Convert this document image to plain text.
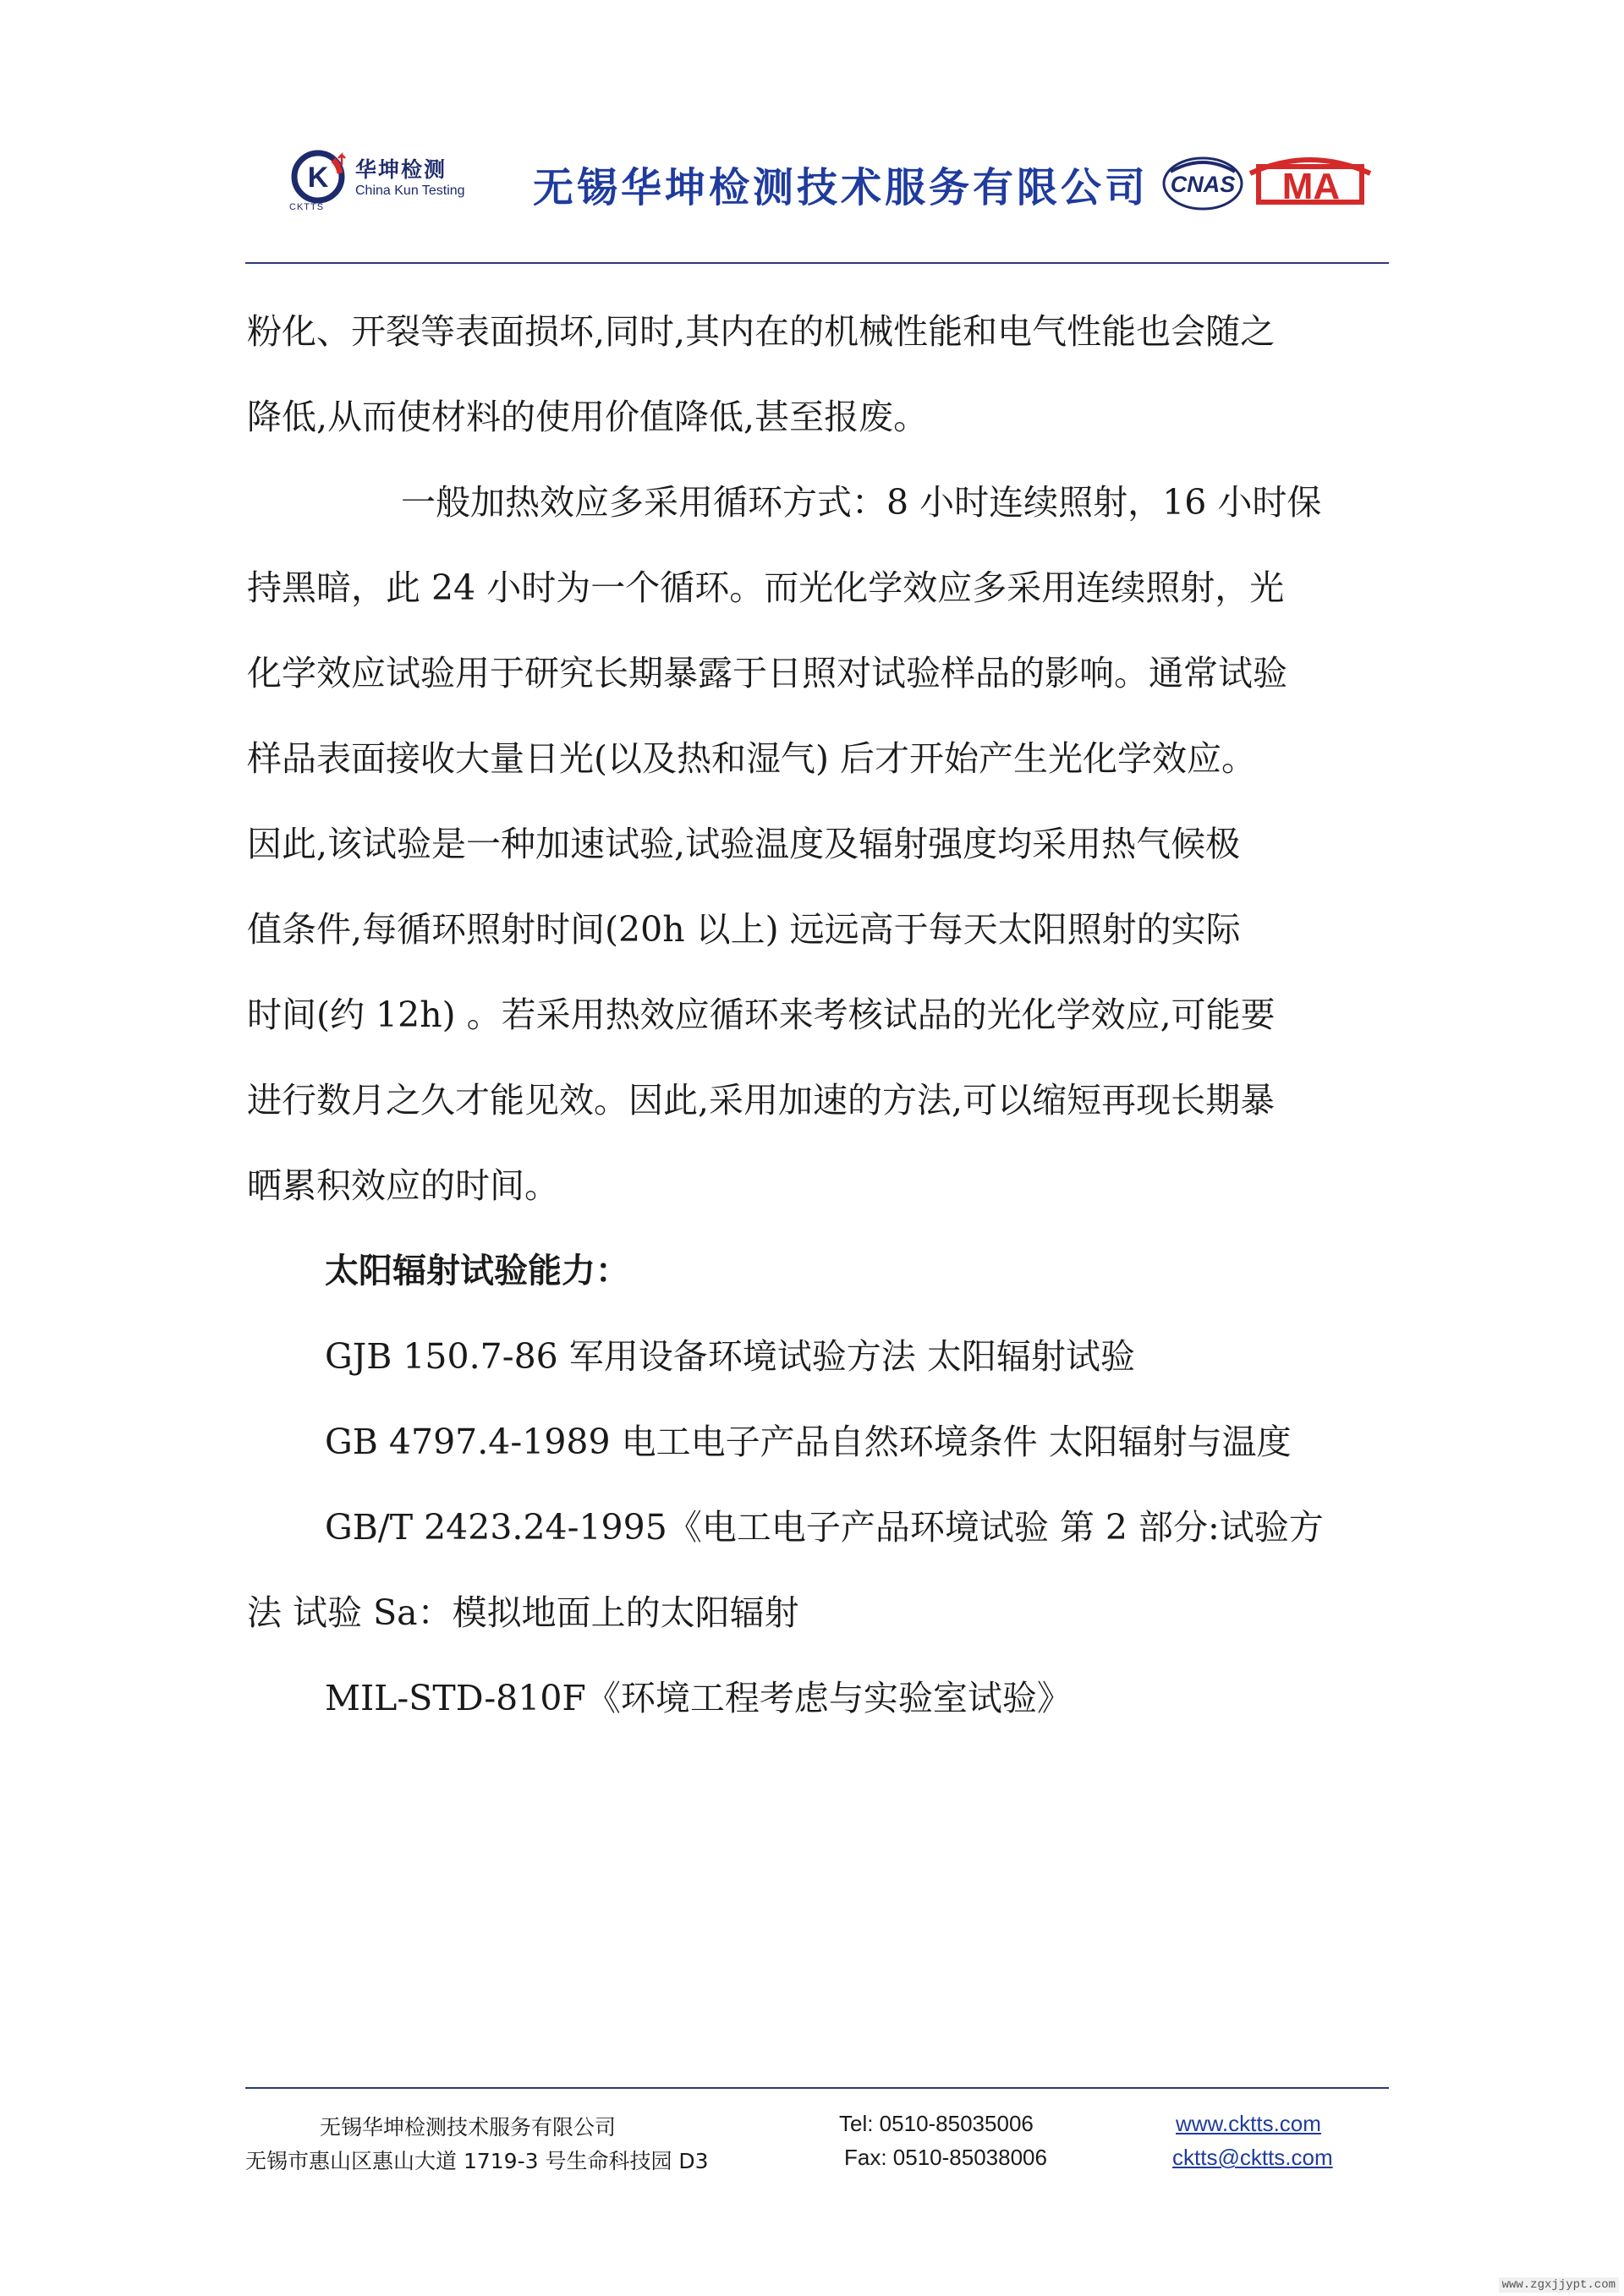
K 华坤检测
China Kun Testing
CKTTS	无锡华坤检测技术服务有限公司 CNAS MA
粉化、开裂等表面损坏,同时,其内在的机械性能和电气性能也会随之
降低,从而使材料的使用价值降低,甚至报废。
一般加热效应多采用循环方式：8 小时连续照射，16 小时保
持黑暗，此 24 小时为一个循环。而光化学效应多采用连续照射，光
化学效应试验用于研究长期暴露于日照对试验样品的影响。通常试验
样品表面接收大量日光(以及热和湿气) 后才开始产生光化学效应。
因此,该试验是一种加速试验,试验温度及辐射强度均采用热气候极
值条件,每循环照射时间(20h 以上) 远远高于每天太阳照射的实际
时间(约 12h) 。若采用热效应循环来考核试品的光化学效应,可能要
进行数月之久才能见效。因此,采用加速的方法,可以缩短再现长期暴
晒累积效应的时间。
太阳辐射试验能力：
GJB 150.7-86 军用设备环境试验方法 太阳辐射试验
GB 4797.4-1989 电工电子产品自然环境条件 太阳辐射与温度
GB/T 2423.24-1995《电工电子产品环境试验 第 2 部分:试验方
法 试验 Sa：模拟地面上的太阳辐射
MIL-STD-810F《环境工程考虑与实验室试验》
无锡华坤检测技术服务有限公司
无锡市惠山区惠山大道 1719-3 号生命科技园 D3
Tel: 0510-85035006
Fax: 0510-85038006
www.cktts.com
cktts@cktts.com
www.zgxjjypt.com
